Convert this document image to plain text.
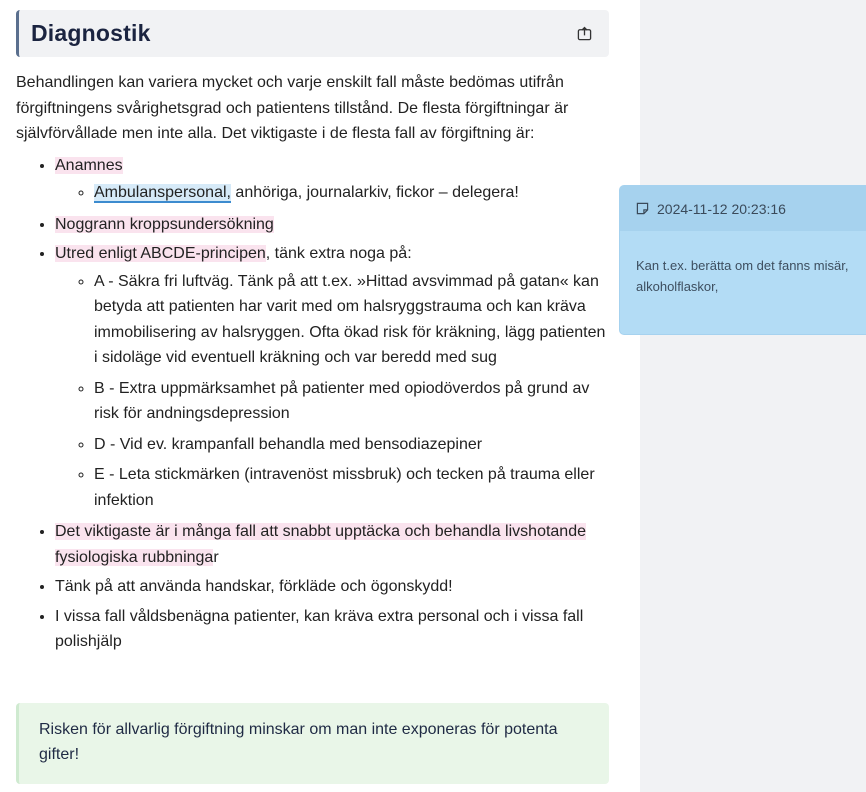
Diagnostik

Behandlingen kan variera mycket och varje enskilt fall måste bedömas utifrån förgiftningens svårighetsgrad och patientens tillstånd. De flesta förgiftningar är självförvållade men inte alla. Det viktigaste i de flesta fall av förgiftning är:

• Anamnes
◦ Ambulanspersonal, anhöriga, journalarkiv, fickor – delegera!
• Noggrann kroppsundersökning
• Utred enligt ABCDE-principen, tänk extra noga på:
◦ A - Säkra fri luftväg. Tänk på att t.ex. »Hittad avsvimmad på gatan« kan betyda att patienten har varit med om halsryggstrauma och kan kräva immobilisering av halsryggen. Ofta ökad risk för kräkning, lägg patienten i sidoläge vid eventuell kräkning och var beredd med sug
◦ B - Extra uppmärksamhet på patienter med opiodöverdos på grund av risk för andningsdepression
◦ D - Vid ev. krampanfall behandla med bensodiazepiner
◦ E - Leta stickmärken (intravenöst missbruk) och tecken på trauma eller infektion
• Det viktigaste är i många fall att snabbt upptäcka och behandla livshotande fysiologiska rubbningar
• Tänk på att använda handskar, förkläde och ögonskydd!
• I vissa fall våldsbenägna patienter, kan kräva extra personal och i vissa fall polishjälp
Risken för allvarlig förgiftning minskar om man inte exponeras för potenta gifter!
2024-11-12 20:23:16
Kan t.ex. berätta om det fanns misär, alkoholflaskor,
